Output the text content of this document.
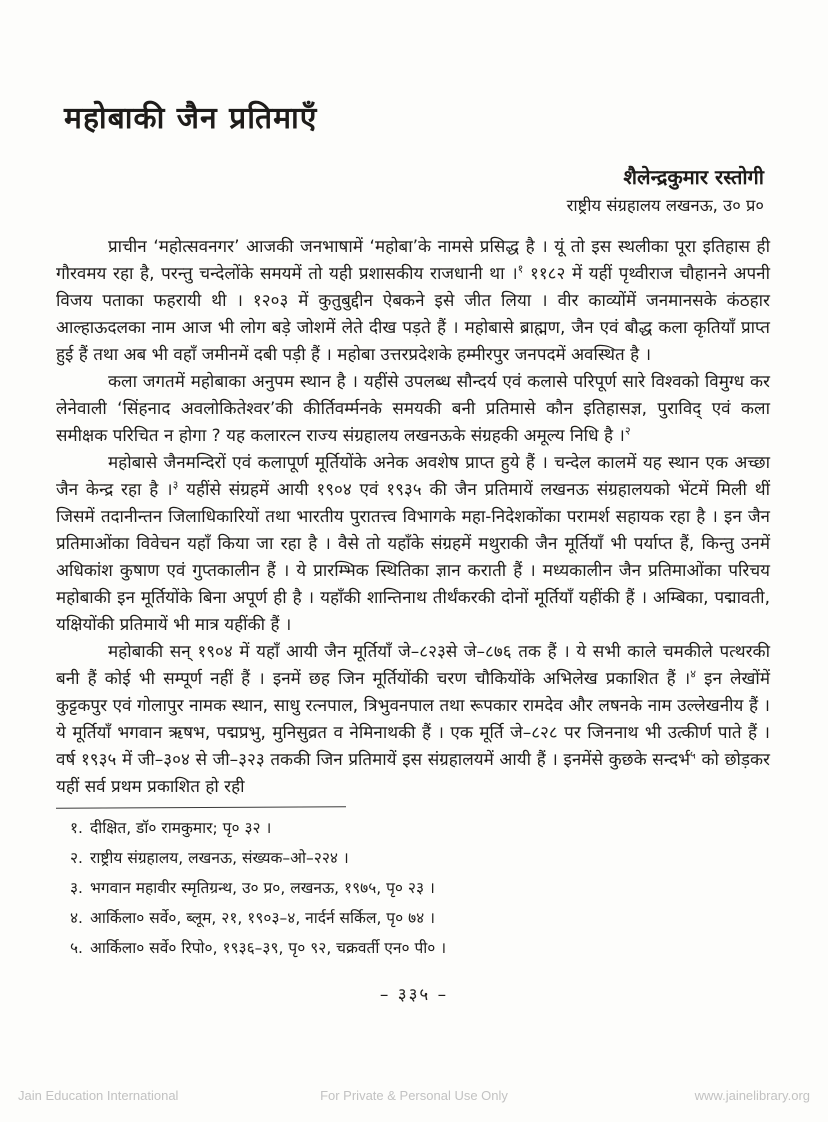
महोबाकी जैन प्रतिमाएँ
शैलेन्द्रकुमार रस्तोगी
राष्ट्रीय संग्रहालय लखनऊ, उ० प्र०

प्राचीन ‘महोत्सवनगर’ आजकी जनभाषामें ‘महोबा’के नामसे प्रसिद्ध है । यूं तो इस स्थलीका पूरा इतिहास ही गौरवमय रहा है, परन्तु चन्देलोंके समयमें तो यही प्रशासकीय राजधानी था ।$^१$ ११८२ में यहीं पृथ्वीराज चौहानने अपनी विजय पताका फहरायी थी । १२०३ में कुतुबुद्दीन ऐबकने इसे जीत लिया । वीर काव्योंमें जनमानसके कंठहार आल्हाऊदलका नाम आज भी लोग बड़े जोशमें लेते दीख पड़ते हैं । महोबासे ब्राह्मण, जैन एवं बौद्ध कला कृतियाँ प्राप्त हुई हैं तथा अब भी वहाँ जमीनमें दबी पड़ी हैं । महोबा उत्तरप्रदेशके हम्मीरपुर जनपदमें अवस्थित है ।

कला जगतमें महोबाका अनुपम स्थान है । यहींसे उपलब्ध सौन्दर्य एवं कलासे परिपूर्ण सारे विश्वको विमुग्ध कर लेनेवाली ‘सिंहनाद अवलोकितेश्वर’की कीर्तिवर्म्मनके समयकी बनी प्रतिमासे कौन इतिहासज्ञ, पुराविद् एवं कला समीक्षक परिचित न होगा ? यह कलारत्न राज्य संग्रहालय लखनऊके संग्रहकी अमूल्य निधि है ।$^२$

महोबासे जैनमन्दिरों एवं कलापूर्ण मूर्तियोंके अनेक अवशेष प्राप्त हुये हैं । चन्देल कालमें यह स्थान एक अच्छा जैन केन्द्र रहा है ।$^३$ यहींसे संग्रहमें आयी १९०४ एवं १९३५ की जैन प्रतिमायें लखनऊ संग्रहालयको भेंटमें मिली थीं जिसमें तदानीन्तन जिलाधिकारियों तथा भारतीय पुरातत्त्व विभागके महा-निदेशकोंका परामर्श सहायक रहा है । इन जैन प्रतिमाओंका विवेचन यहाँ किया जा रहा है । वैसे तो यहाँके संग्रहमें मथुराकी जैन मूर्तियाँ भी पर्याप्त हैं, किन्तु उनमें अधिकांश कुषाण एवं गुप्तकालीन हैं । ये प्रारम्भिक स्थितिका ज्ञान कराती हैं । मध्यकालीन जैन प्रतिमाओंका परिचय महोबाकी इन मूर्तियोंके बिना अपूर्ण ही है । यहाँकी शान्तिनाथ तीर्थंकरकी दोनों मूर्तियाँ यहींकी हैं । अम्बिका, पद्मावती, यक्षियोंकी प्रतिमायें भी मात्र यहींकी हैं ।

महोबाकी सन् १९०४ में यहाँ आयी जैन मूर्तियाँ जे–८२३से जे–८७६ तक हैं । ये सभी काले चमकीले पत्थरकी बनी हैं कोई भी सम्पूर्ण नहीं हैं । इनमें छह जिन मूर्तियोंकी चरण चौकियोंके अभिलेख प्रकाशित हैं ।$^४$ इन लेखोंमें कुट्टकपुर एवं गोलापुर नामक स्थान, साधु रत्नपाल, त्रिभुवनपाल तथा रूपकार रामदेव और लषनके नाम उल्लेखनीय हैं । ये मूर्तियाँ भगवान ऋषभ, पद्मप्रभु, मुनिसुव्रत व नेमिनाथकी हैं । एक मूर्ति जे–८२८ पर जिननाथ भी उत्कीर्ण पाते हैं । वर्ष १९३५ में जी–३०४ से जी–३२३ तककी जिन प्रतिमायें इस संग्रहालयमें आयी हैं । इनमेंसे कुछके सन्दर्भ$^५$ को छोड़कर यहीं सर्व प्रथम प्रकाशित हो रही

१. दीक्षित, डॉ० रामकुमार; पृ० ३२ ।
२. राष्ट्रीय संग्रहालय, लखनऊ, संख्यक–ओ–२२४ ।
३. भगवान महावीर स्मृतिग्रन्थ, उ० प्र०, लखनऊ, १९७५, पृ० २३ ।
४. आर्किला० सर्वे०, ब्लूम, २१, १९०३–४, नार्दर्न सर्किल, पृ० ७४ ।
५. आर्किला० सर्वे० रिपो०, १९३६–३९, पृ० ९२, चक्रवर्ती एन० पी० ।
– ३३५ –
For Private & Personal Use Only
Jain Education International	www.jainelibrary.org
